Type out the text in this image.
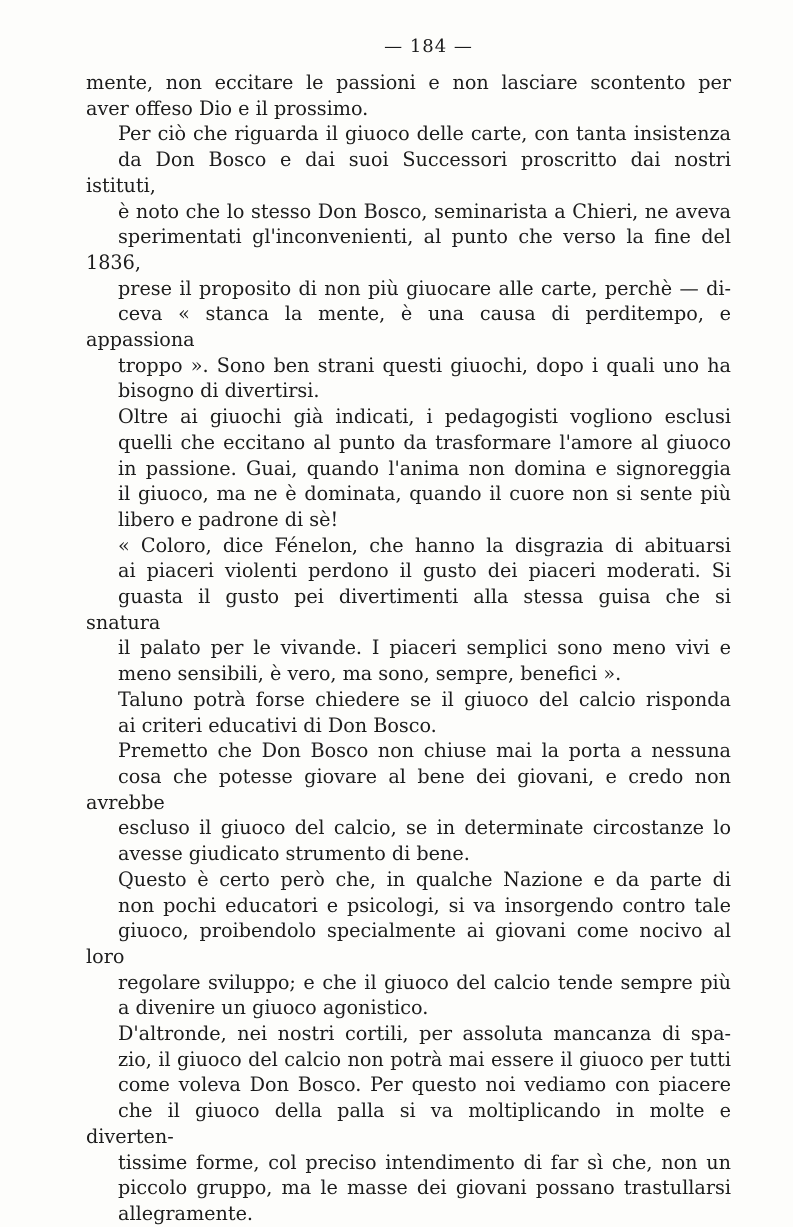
— 184 —

mente, non eccitare le passioni e non lasciare scontento per
aver offeso Dio e il prossimo.

Per ciò che riguarda il giuoco delle carte, con tanta insistenza
da Don Bosco e dai suoi Successori proscritto dai nostri istituti,
è noto che lo stesso Don Bosco, seminarista a Chieri, ne aveva
sperimentati gl'inconvenienti, al punto che verso la fine del 1836,
prese il proposito di non più giuocare alle carte, perchè — di-
ceva « stanca la mente, è una causa di perditempo, e appassiona
troppo ». Sono ben strani questi giuochi, dopo i quali uno ha
bisogno di divertirsi.

Oltre ai giuochi già indicati, i pedagogisti vogliono esclusi
quelli che eccitano al punto da trasformare l'amore al giuoco
in passione. Guai, quando l'anima non domina e signoreggia
il giuoco, ma ne è dominata, quando il cuore non si sente più
libero e padrone di sè!

« Coloro, dice Fénelon, che hanno la disgrazia di abituarsi
ai piaceri violenti perdono il gusto dei piaceri moderati. Si
guasta il gusto pei divertimenti alla stessa guisa che si snatura
il palato per le vivande. I piaceri semplici sono meno vivi e
meno sensibili, è vero, ma sono, sempre, benefici ».

Taluno potrà forse chiedere se il giuoco del calcio risponda
ai criteri educativi di Don Bosco.

Premetto che Don Bosco non chiuse mai la porta a nessuna
cosa che potesse giovare al bene dei giovani, e credo non avrebbe
escluso il giuoco del calcio, se in determinate circostanze lo
avesse giudicato strumento di bene.

Questo è certo però che, in qualche Nazione e da parte di
non pochi educatori e psicologi, si va insorgendo contro tale
giuoco, proibendolo specialmente ai giovani come nocivo al loro
regolare sviluppo; e che il giuoco del calcio tende sempre più
a divenire un giuoco agonistico.

D'altronde, nei nostri cortili, per assoluta mancanza di spa-
zio, il giuoco del calcio non potrà mai essere il giuoco per tutti
come voleva Don Bosco. Per questo noi vediamo con piacere
che il giuoco della palla si va moltiplicando in molte e diverten-
tissime forme, col preciso intendimento di far sì che, non un
piccolo gruppo, ma le masse dei giovani possano trastullarsi
allegramente.
